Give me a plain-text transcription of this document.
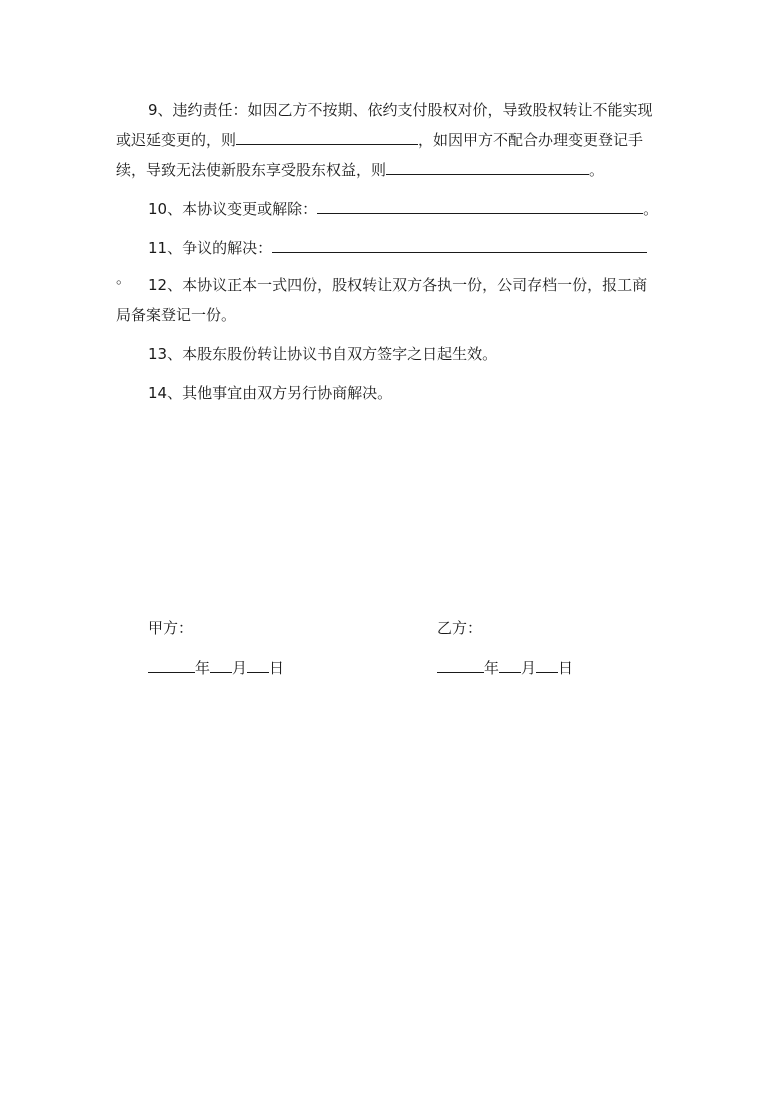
9、违约责任：如因乙方不按期、依约支付股权对价，导致股权转让不能实现或迟延变更的，则	，如因甲方不配合办理变更登记手续，导致无法使新股东享受股东权益，则	。

10、本协议变更或解除：	。

11、争议的解决：。	12、本协议正本一式四份，股权转让双方各执一份，公司存档一份，报工商局备案登记一份。

13、本股东股份转让协议书自双方签字之日起生效。

14、其他事宜由双方另行协商解决。

甲方：	乙方：
年 月 日	年 月 日
